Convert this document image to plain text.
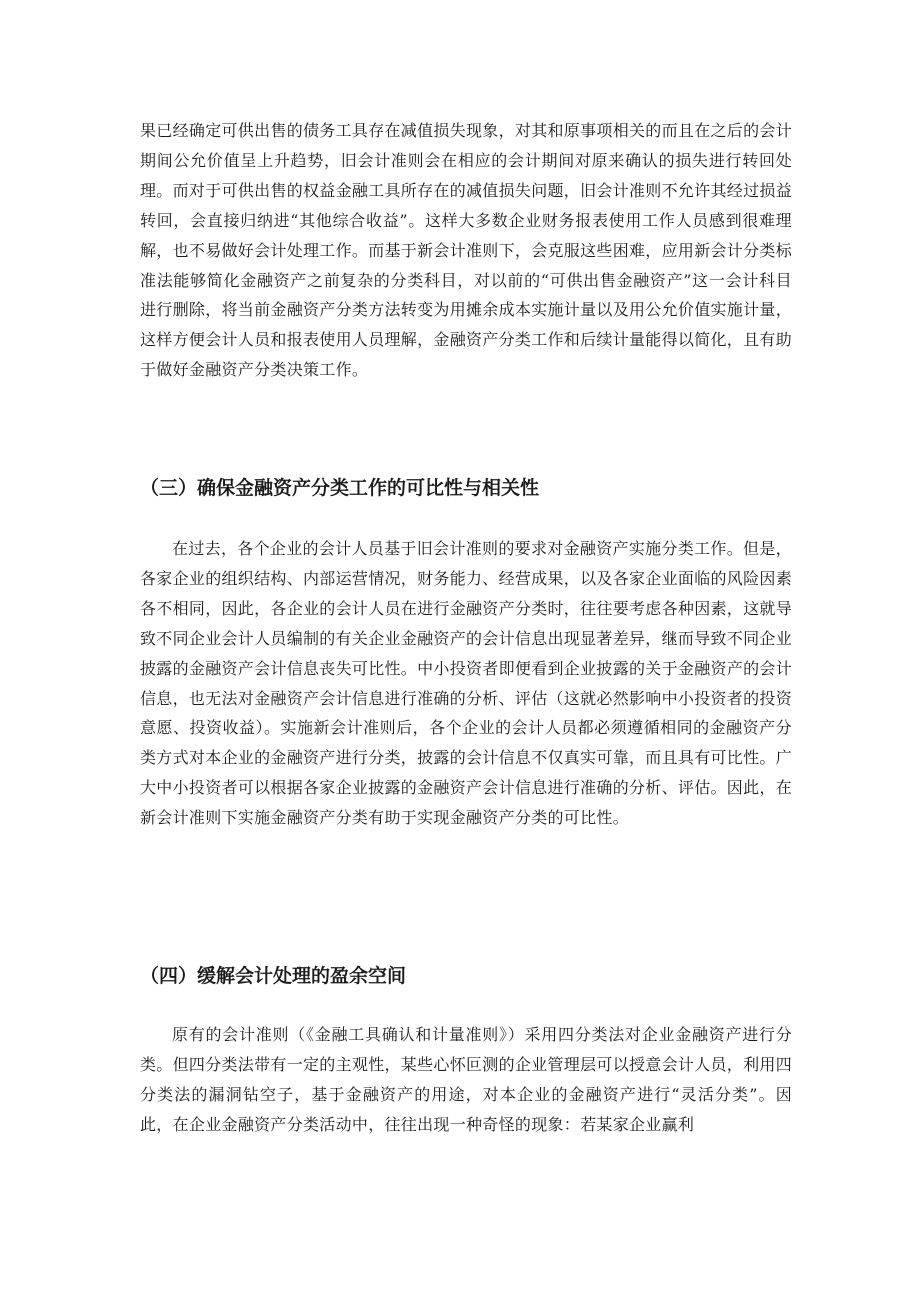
果已经确定可供出售的债务工具存在减值损失现象，对其和原事项相关的而且在之后的会计期间公允价值呈上升趋势，旧会计准则会在相应的会计期间对原来确认的损失进行转回处理。而对于可供出售的权益金融工具所存在的减值损失问题，旧会计准则不允许其经过损益转回，会直接归纳进“其他综合收益”。这样大多数企业财务报表使用工作人员感到很难理解，也不易做好会计处理工作。而基于新会计准则下，会克服这些困难，应用新会计分类标准法能够简化金融资产之前复杂的分类科目，对以前的“可供出售金融资产”这一会计科目进行删除，将当前金融资产分类方法转变为用摊余成本实施计量以及用公允价值实施计量，这样方便会计人员和报表使用人员理解，金融资产分类工作和后续计量能得以简化，且有助于做好金融资产分类决策工作。

（三）确保金融资产分类工作的可比性与相关性

在过去，各个企业的会计人员基于旧会计准则的要求对金融资产实施分类工作。但是，各家企业的组织结构、内部运营情况，财务能力、经营成果，以及各家企业面临的风险因素各不相同，因此，各企业的会计人员在进行金融资产分类时，往往要考虑各种因素，这就导致不同企业会计人员编制的有关企业金融资产的会计信息出现显著差异，继而导致不同企业披露的金融资产会计信息丧失可比性。中小投资者即便看到企业披露的关于金融资产的会计信息，也无法对金融资产会计信息进行准确的分析、评估（这就必然影响中小投资者的投资意愿、投资收益）。实施新会计准则后，各个企业的会计人员都必须遵循相同的金融资产分类方式对本企业的金融资产进行分类，披露的会计信息不仅真实可靠，而且具有可比性。广大中小投资者可以根据各家企业披露的金融资产会计信息进行准确的分析、评估。因此，在新会计准则下实施金融资产分类有助于实现金融资产分类的可比性。

（四）缓解会计处理的盈余空间

原有的会计准则（《金融工具确认和计量准则》）采用四分类法对企业金融资产进行分类。但四分类法带有一定的主观性，某些心怀叵测的企业管理层可以授意会计人员，利用四分类法的漏洞钻空子，基于金融资产的用途，对本企业的金融资产进行“灵活分类”。因此，在企业金融资产分类活动中，往往出现一种奇怪的现象：若某家企业赢利
